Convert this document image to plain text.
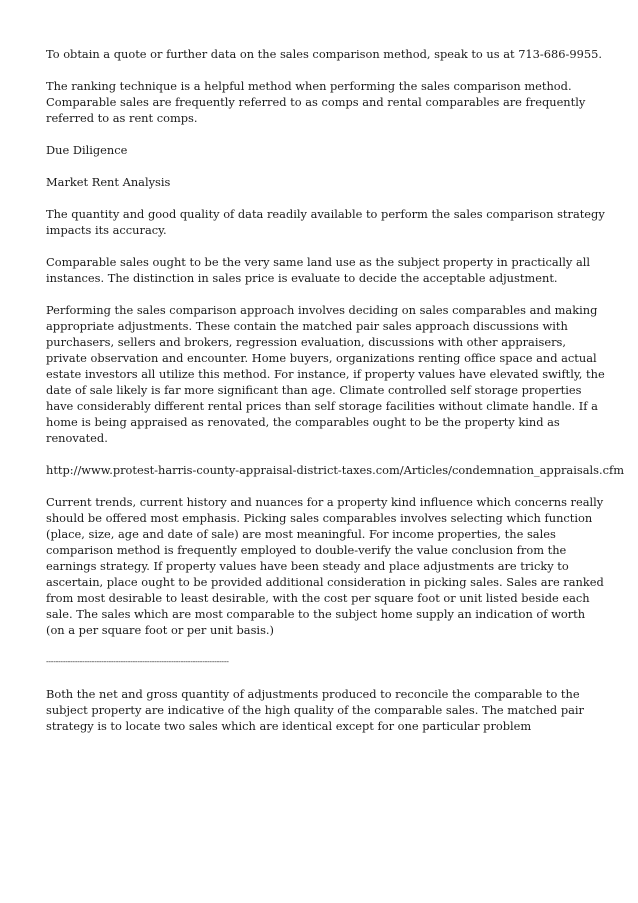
To obtain a quote or further data on the sales comparison method, speak to us at 713-686-9955.

The ranking technique is a helpful method when performing the sales comparison method. Comparable sales are frequently referred to as comps and rental comparables are frequently referred to as rent comps.

Due Diligence

Market Rent Analysis

The quantity and good quality of data readily available to perform the sales comparison strategy impacts its accuracy.

Comparable sales ought to be the very same land use as the subject property in practically all instances. The distinction in sales price is evaluate to decide the acceptable adjustment.

Performing the sales comparison approach involves deciding on sales comparables and making appropriate adjustments. These contain the matched pair sales approach discussions with purchasers, sellers and brokers, regression evaluation, discussions with other appraisers, private observation and encounter. Home buyers, organizations renting office space and actual estate investors all utilize this method. For instance, if property values have elevated swiftly, the date of sale likely is far more significant than age. Climate controlled self storage properties have considerably different rental prices than self storage facilities without climate handle. If a home is being appraised as renovated, the comparables ought to be the property kind as renovated.

http://www.protest-harris-county-appraisal-district-taxes.com/Articles/condemnation_appraisals.cfm

Current trends, current history and nuances for a property kind influence which concerns really should be offered most emphasis. Picking sales comparables involves selecting which function (place, size, age and date of sale) are most meaningful. For income properties, the sales comparison method is frequently employed to double-verify the value conclusion from the earnings strategy. If property values have been steady and place adjustments are tricky to ascertain, place ought to be provided additional consideration in picking sales. Sales are ranked from most desirable to least desirable, with the cost per square foot or unit listed beside each sale. The sales which are most comparable to the subject home supply an indication of worth (on a per square foot or per unit basis.)

----------------------------------------------------------------------------

Both the net and gross quantity of adjustments produced to reconcile the comparable to the subject property are indicative of the high quality of the comparable sales. The matched pair strategy is to locate two sales which are identical except for one particular problem
